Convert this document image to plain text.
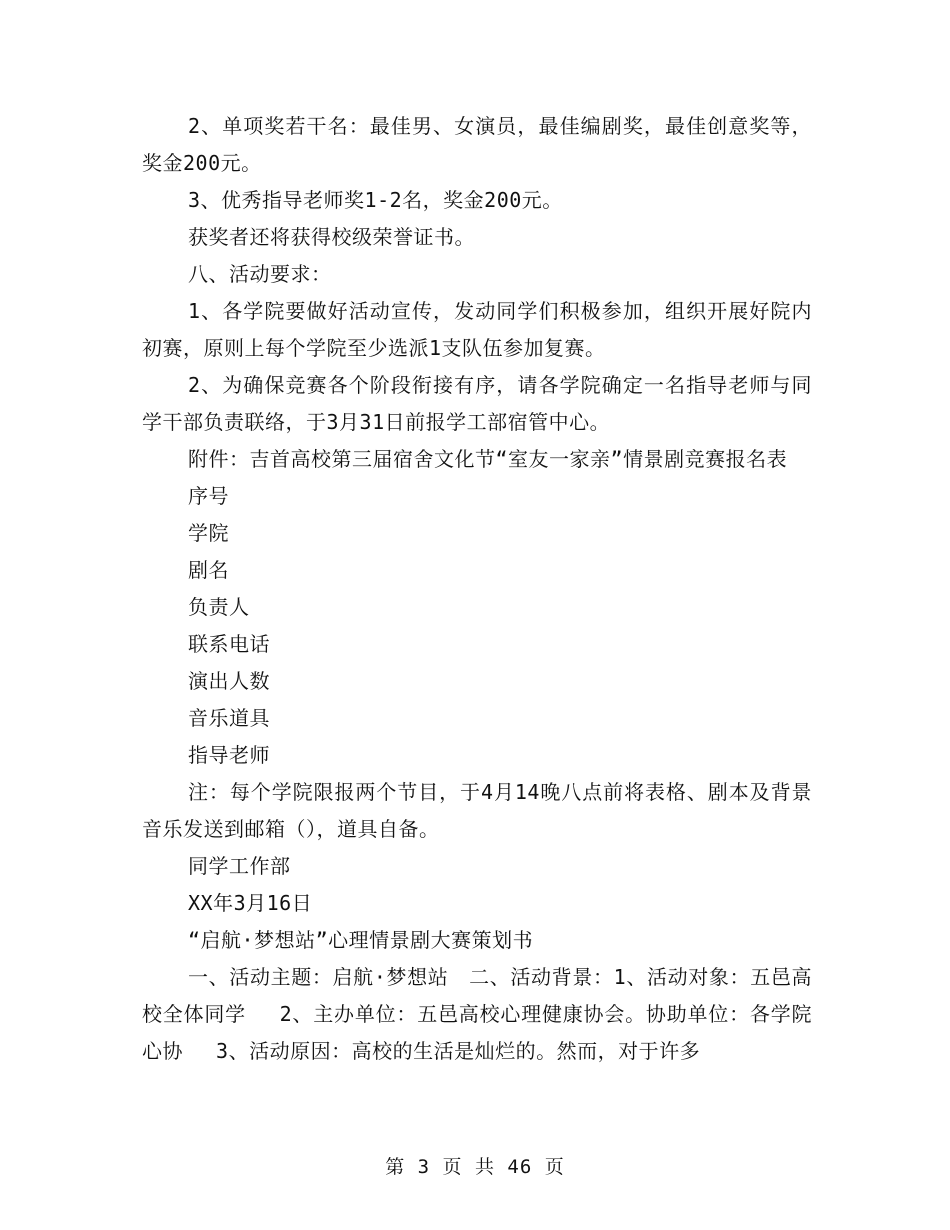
2、单项奖若干名：最佳男、女演员，最佳编剧奖，最佳创意奖等，奖金200元。

3、优秀指导老师奖1-2名，奖金200元。

获奖者还将获得校级荣誉证书。

八、活动要求：

1、各学院要做好活动宣传，发动同学们积极参加，组织开展好院内初赛，原则上每个学院至少选派1支队伍参加复赛。

2、为确保竞赛各个阶段衔接有序，请各学院确定一名指导老师与同学干部负责联络，于3月31日前报学工部宿管中心。

附件：吉首高校第三届宿舍文化节“室友一家亲”情景剧竞赛报名表

序号

学院

剧名

负责人

联系电话

演出人数

音乐道具

指导老师

注：每个学院限报两个节目，于4月14晚八点前将表格、剧本及背景音乐发送到邮箱（），道具自备。

同学工作部

XX年3月16日

“启航·梦想站”心理情景剧大赛策划书

一、活动主题：启航·梦想站　二、活动背景：1、活动对象：五邑高校全体同学　 2、主办单位：五邑高校心理健康协会。协助单位：各学院心协　 3、活动原因：高校的生活是灿烂的。然而，对于许多

第 3 页 共 46 页
